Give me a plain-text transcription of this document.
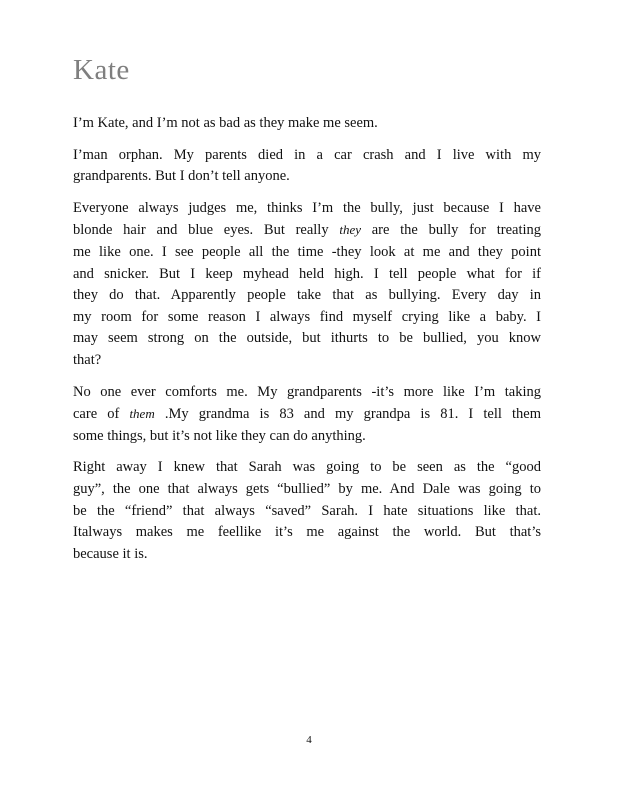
Kate

I’m Kate, and I’m not as bad as they make me seem.

I’man orphan. My parents died in a car crash and I live with my
grandparents. But I don’t tell anyone.

Everyone always judges me, thinks I’m the bully, just because I have
blonde hair and blue eyes. But really they are the bully for treating
me like one. I see people all the time -they look at me and they point
and snicker. But I keep myhead held high. I tell people what for if
they do that. Apparently people take that as bullying. Every day in
my room for some reason I always find myself crying like a baby. I
may seem strong on the outside, but ithurts to be bullied, you know
that?

No one ever comforts me. My grandparents -it’s more like I’m taking
care of them .My grandma is 83 and my grandpa is 81. I tell them
some things, but it’s not like they can do anything.

Right away I knew that Sarah was going to be seen as the “good
guy”, the one that always gets “bullied” by me. And Dale was going to
be the “friend” that always “saved” Sarah. I hate situations like that.
Italways makes me feellike it’s me against the world. But that’s
because it is.

4
